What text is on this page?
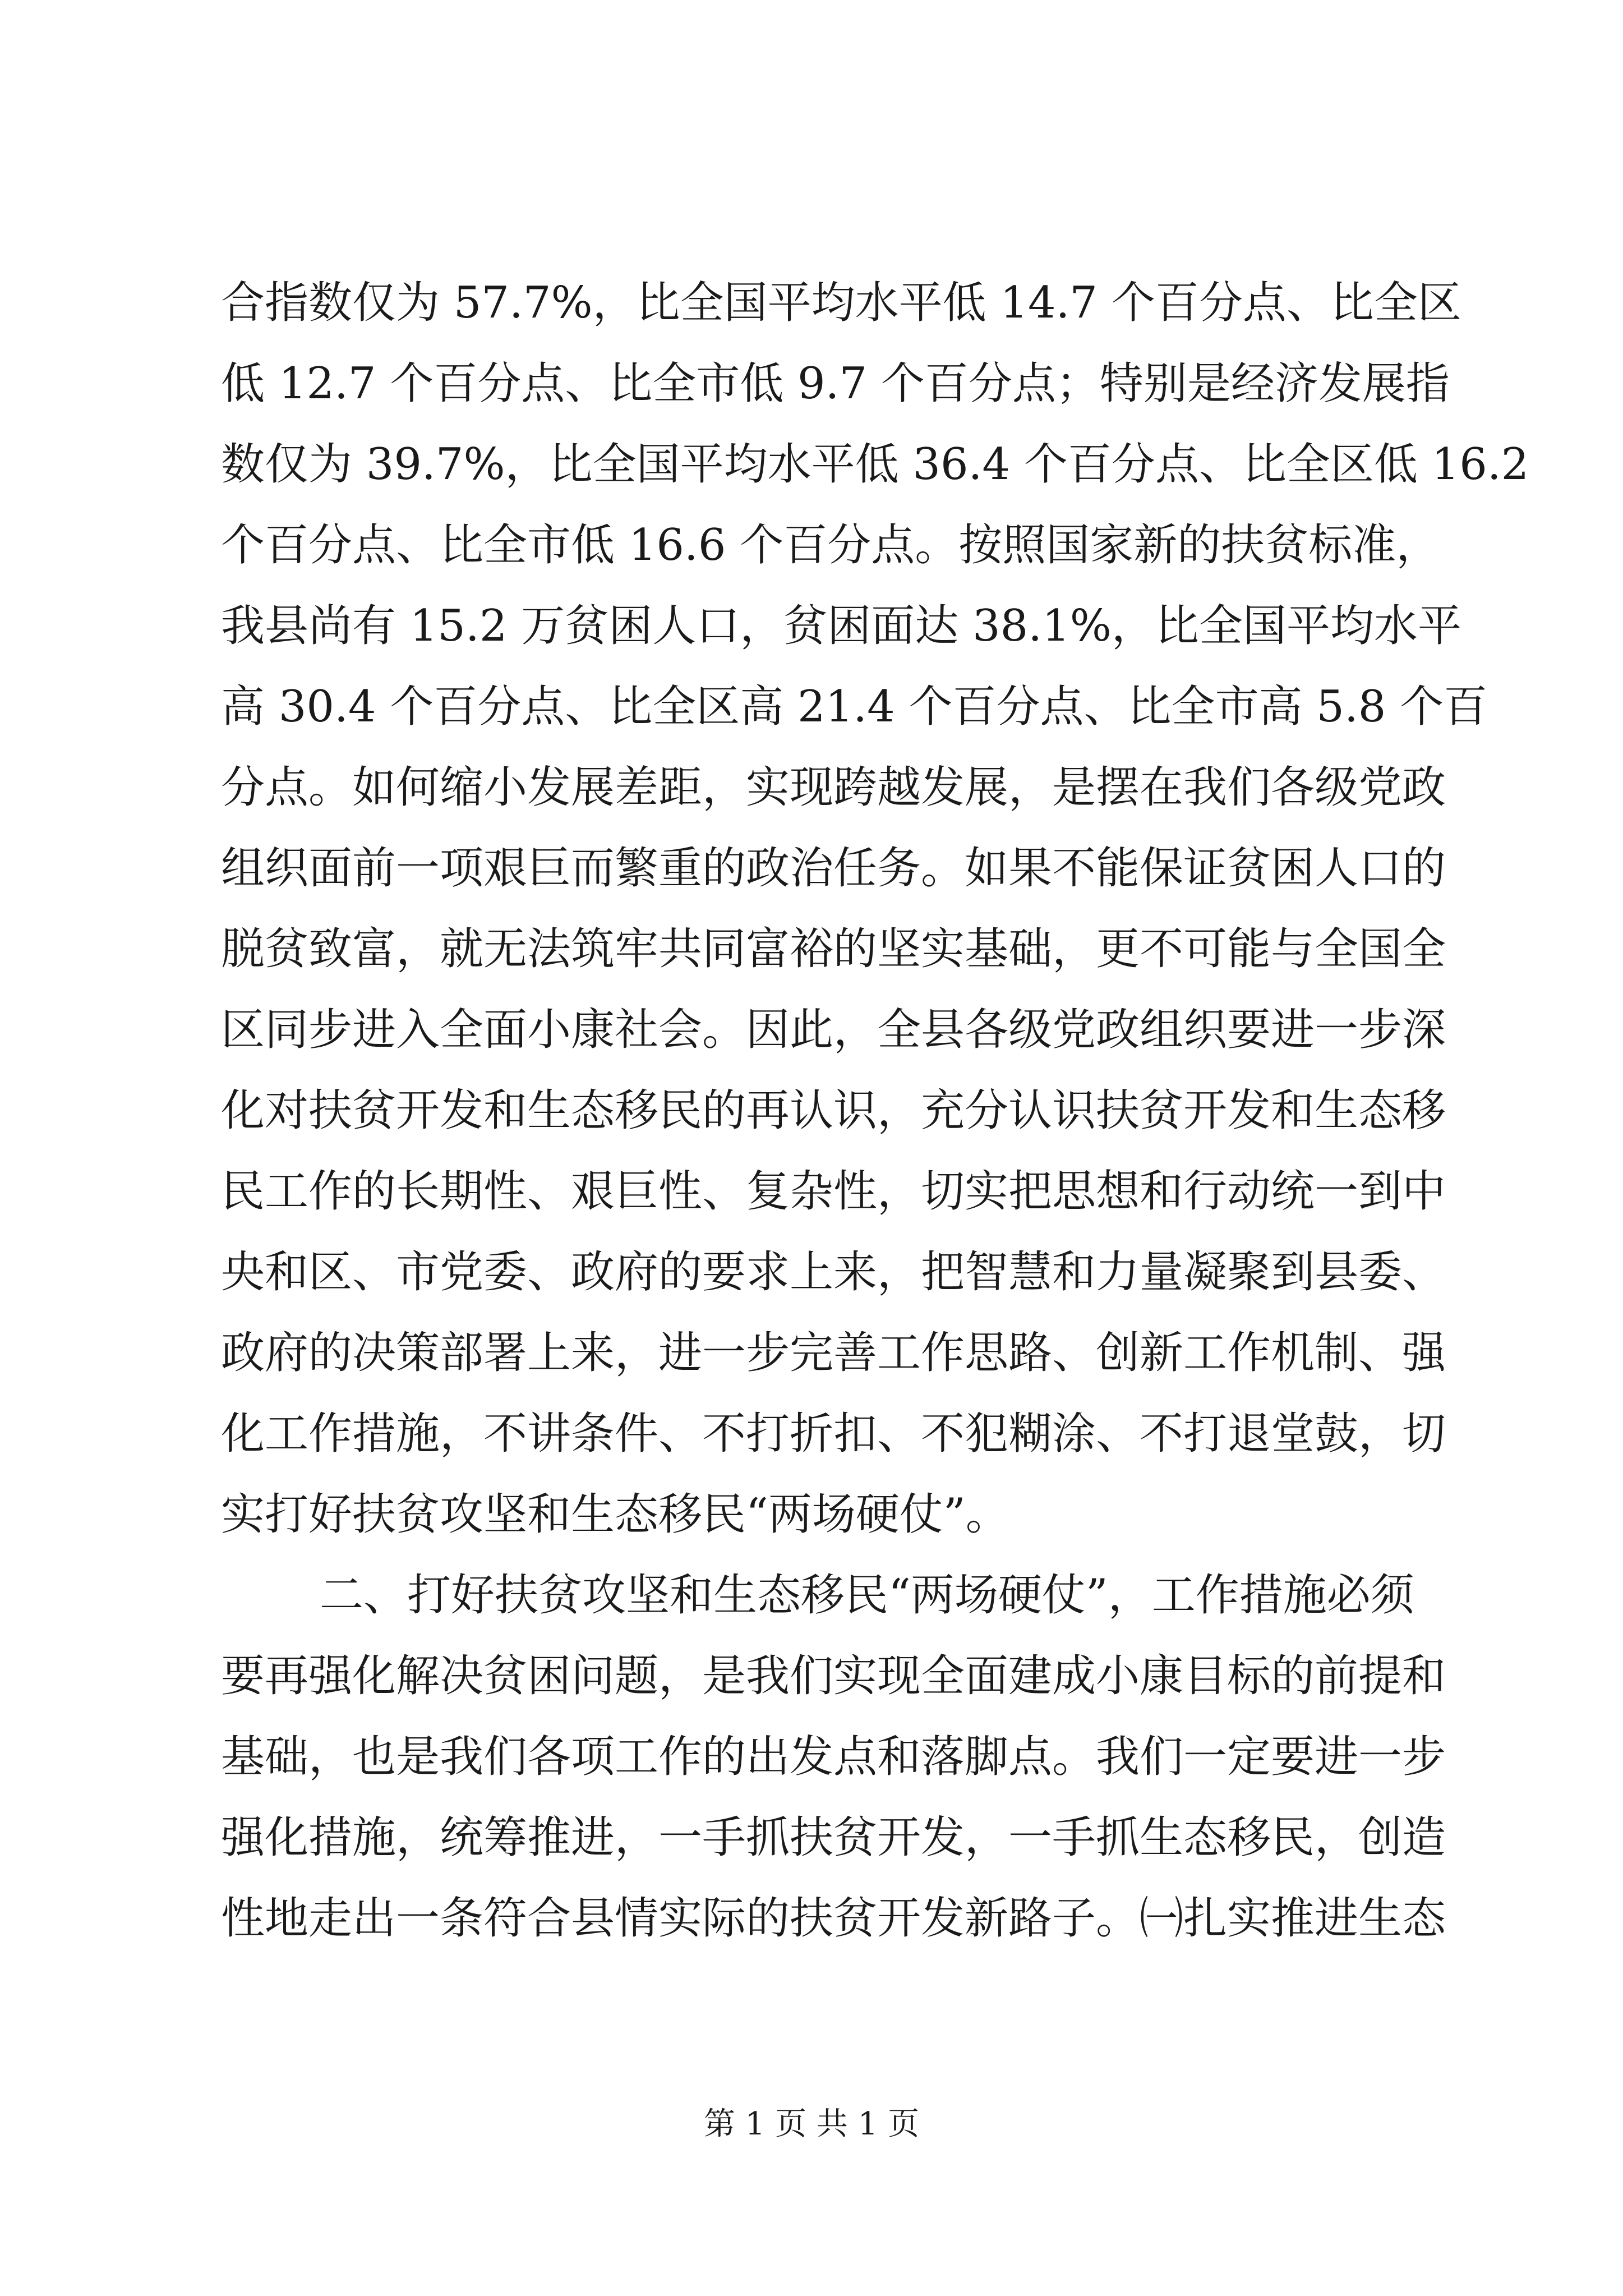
合指数仅为 57.7%，比全国平均水平低 14.7 个百分点、比全区
低 12.7 个百分点、比全市低 9.7 个百分点；特别是经济发展指
数仅为 39.7%，比全国平均水平低 36.4 个百分点、比全区低 16.2
个百分点、比全市低 16.6 个百分点。按照国家新的扶贫标准，
我县尚有 15.2 万贫困人口，贫困面达 38.1%，比全国平均水平
高 30.4 个百分点、比全区高 21.4 个百分点、比全市高 5.8 个百
分点。如何缩小发展差距，实现跨越发展，是摆在我们各级党政
组织面前一项艰巨而繁重的政治任务。如果不能保证贫困人口的
脱贫致富，就无法筑牢共同富裕的坚实基础，更不可能与全国全
区同步进入全面小康社会。因此，全县各级党政组织要进一步深
化对扶贫开发和生态移民的再认识，充分认识扶贫开发和生态移
民工作的长期性、艰巨性、复杂性，切实把思想和行动统一到中
央和区、市党委、政府的要求上来，把智慧和力量凝聚到县委、
政府的决策部署上来，进一步完善工作思路、创新工作机制、强
化工作措施，不讲条件、不打折扣、不犯糊涂、不打退堂鼓，切
实打好扶贫攻坚和生态移民“两场硬仗”。
二、打好扶贫攻坚和生态移民“两场硬仗”，工作措施必须
要再强化解决贫困问题，是我们实现全面建成小康目标的前提和
基础，也是我们各项工作的出发点和落脚点。我们一定要进一步
强化措施，统筹推进，一手抓扶贫开发，一手抓生态移民，创造
性地走出一条符合县情实际的扶贫开发新路子。㈠扎实推进生态
第 1 页 共 1 页
